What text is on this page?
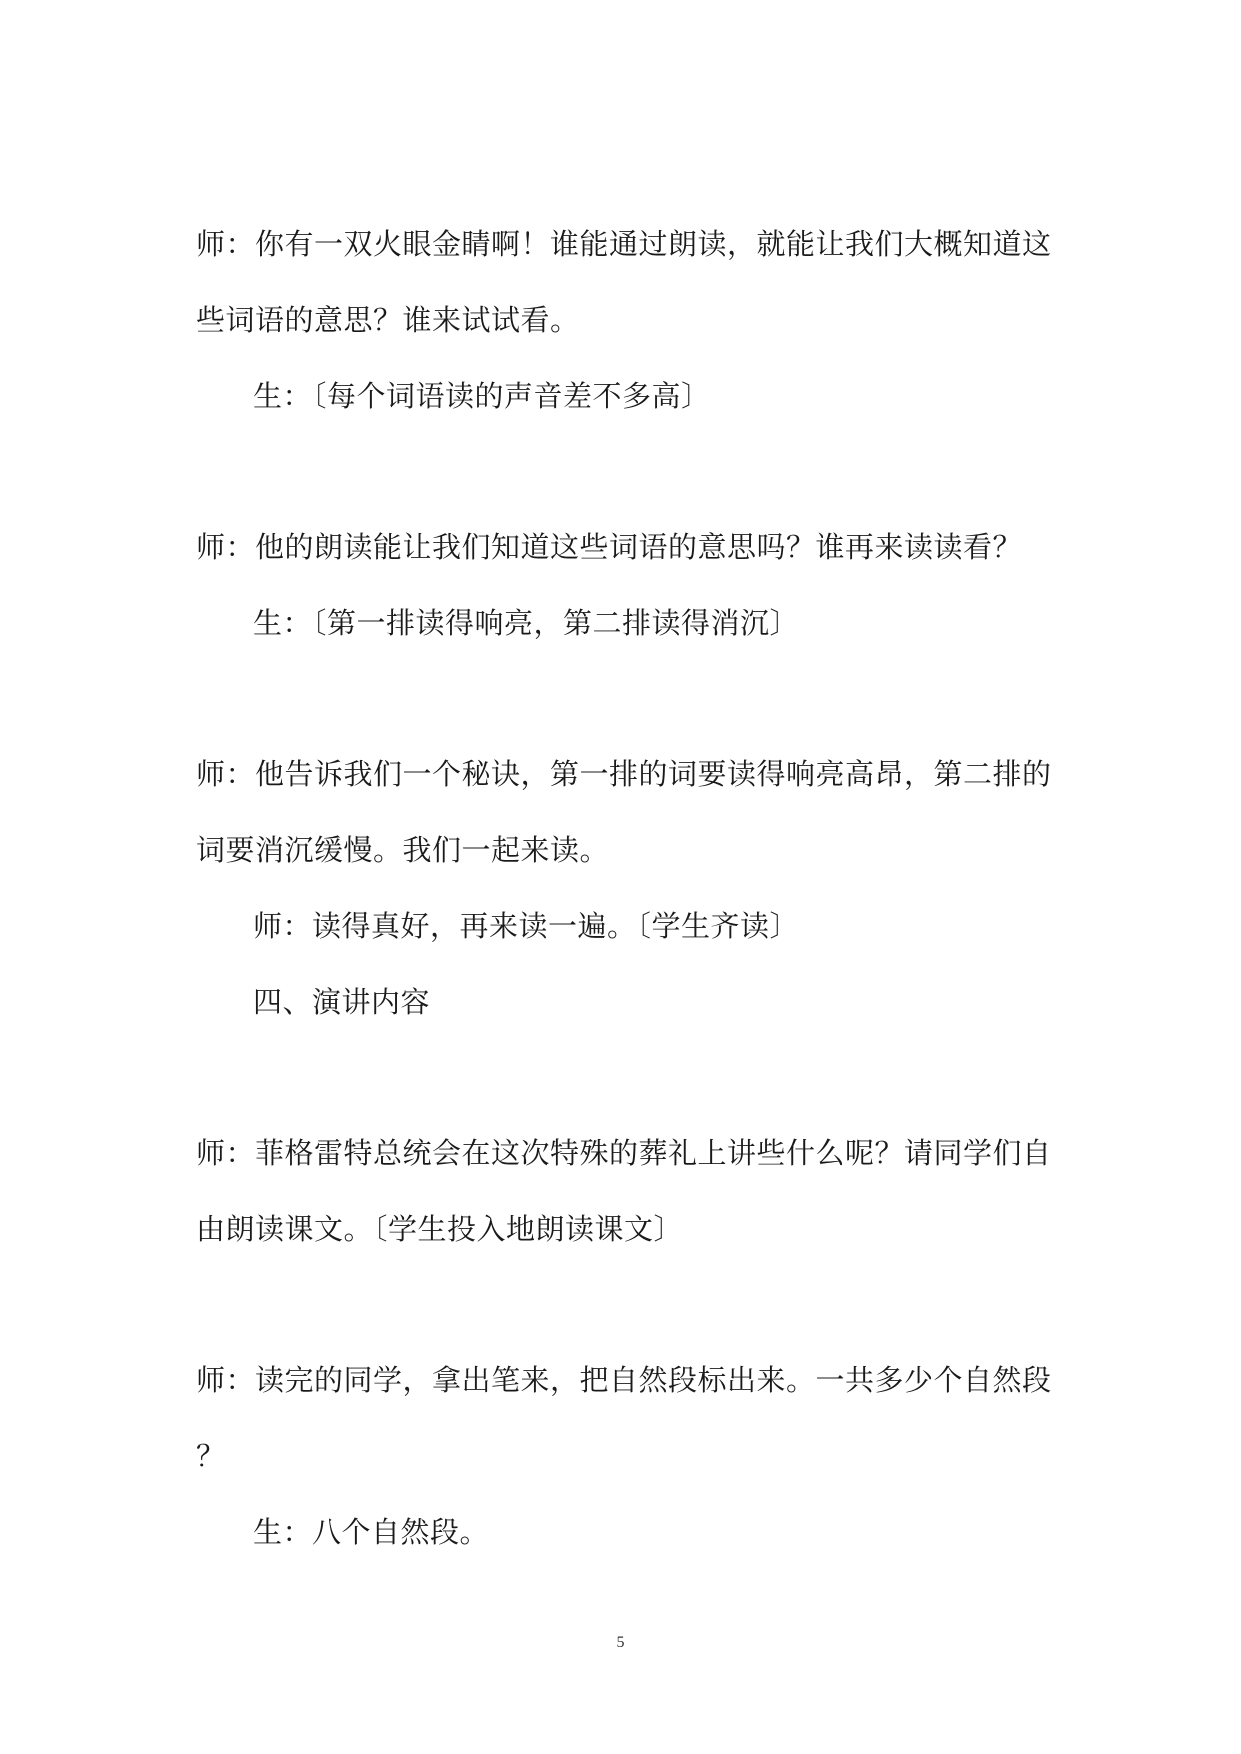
师：你有一双火眼金睛啊！谁能通过朗读，就能让我们大概知道这
些词语的意思？谁来试试看。
生：〔每个词语读的声音差不多高〕
师：他的朗读能让我们知道这些词语的意思吗？谁再来读读看？
生：〔第一排读得响亮，第二排读得消沉〕
师：他告诉我们一个秘诀，第一排的词要读得响亮高昂，第二排的
词要消沉缓慢。我们一起来读。
师：读得真好，再来读一遍。〔学生齐读〕
四、演讲内容
师：菲格雷特总统会在这次特殊的葬礼上讲些什么呢？请同学们自
由朗读课文。〔学生投入地朗读课文〕
师：读完的同学，拿出笔来，把自然段标出来。一共多少个自然段
？
生：八个自然段。
5
